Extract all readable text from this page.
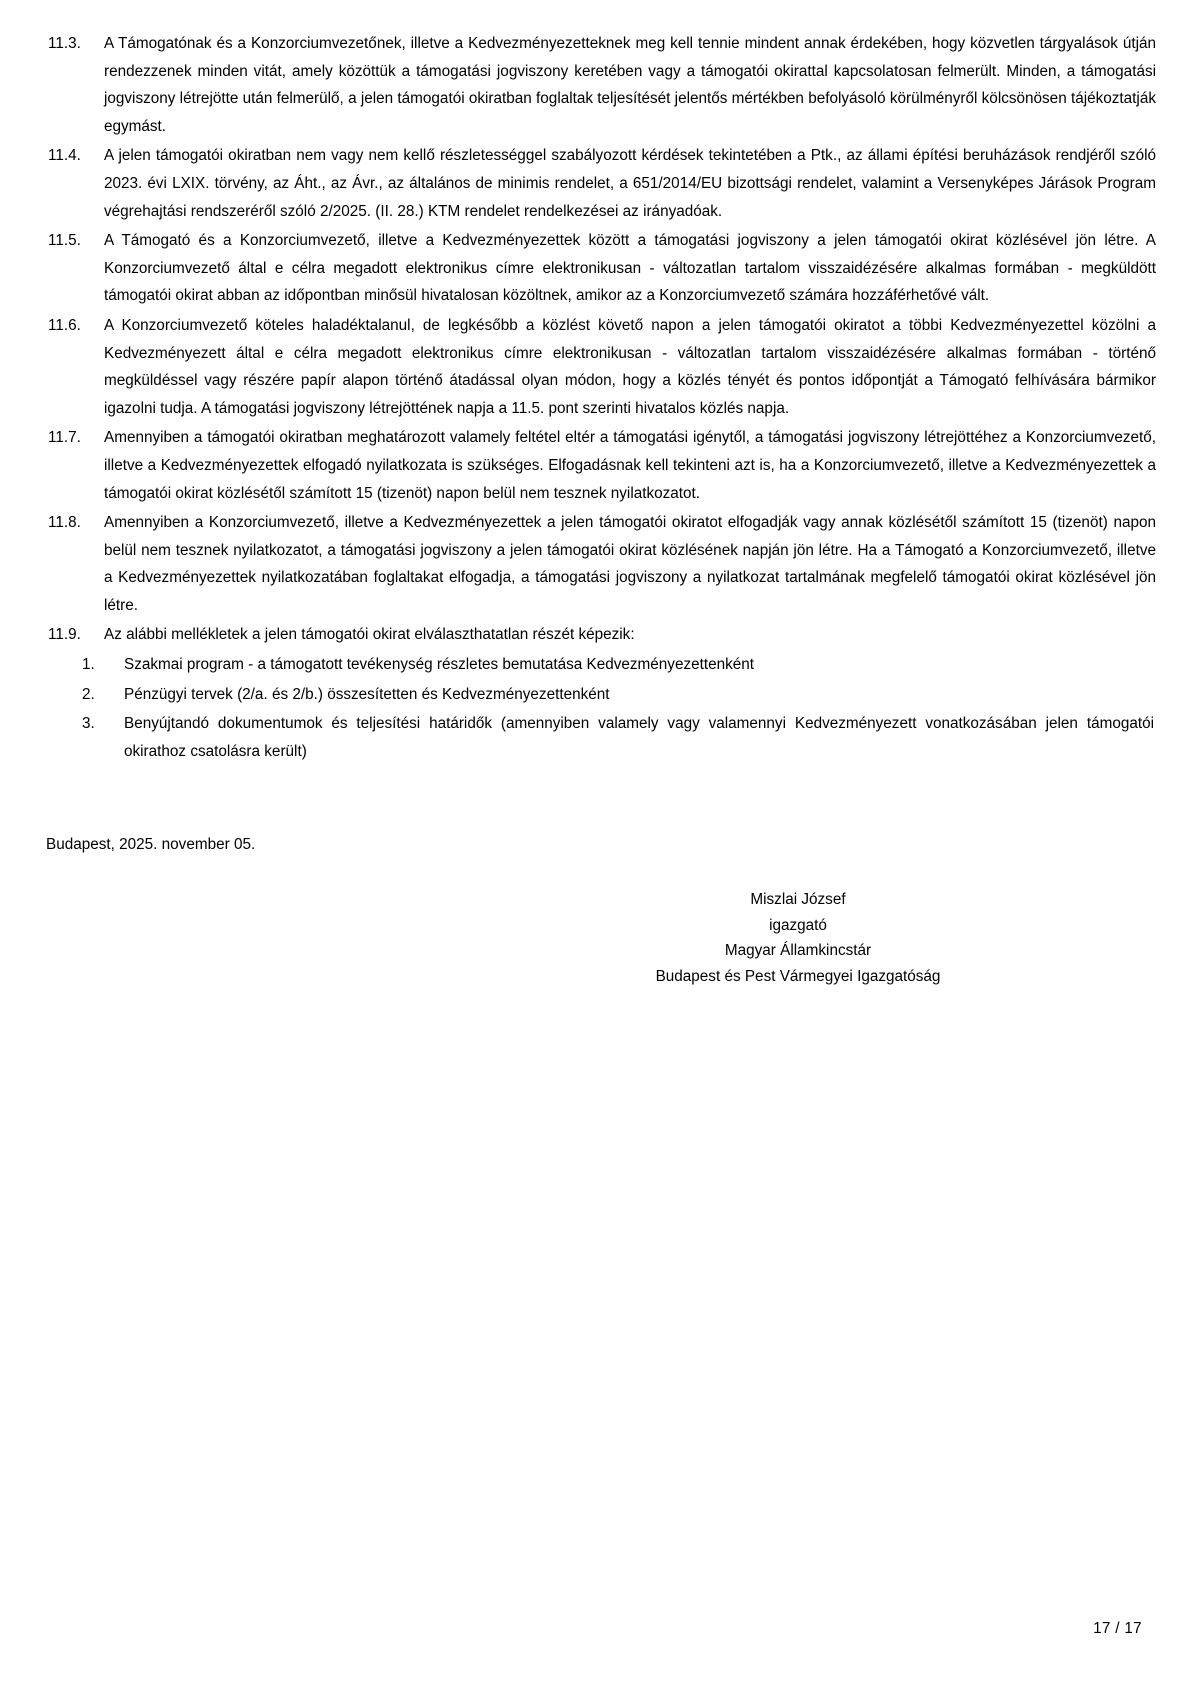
11.3.	A Támogatónak és a Konzorciumvezetőnek, illetve a Kedvezményezetteknek meg kell tennie mindent annak érdekében, hogy közvetlen tárgyalások útján rendezzenek minden vitát, amely közöttük a támogatási jogviszony keretében vagy a támogatói okirattal kapcsolatosan felmerült. Minden, a támogatási jogviszony létrejötte után felmerülő, a jelen támogatói okiratban foglaltak teljesítését jelentős mértékben befolyásoló körülményről kölcsönösen tájékoztatják egymást.
11.4.	A jelen támogatói okiratban nem vagy nem kellő részletességgel szabályozott kérdések tekintetében a Ptk., az állami építési beruházások rendjéről szóló 2023. évi LXIX. törvény, az Áht., az Ávr., az általános de minimis rendelet, a 651/2014/EU bizottsági rendelet, valamint a Versenyképes Járások Program végrehajtási rendszeréről szóló 2/2025. (II. 28.) KTM rendelet rendelkezései az irányadóak.
11.5.	A Támogató és a Konzorciumvezető, illetve a Kedvezményezettek között a támogatási jogviszony a jelen támogatói okirat közlésével jön létre. A Konzorciumvezető által e célra megadott elektronikus címre elektronikusan - változatlan tartalom visszaidézésére alkalmas formában - megküldött támogatói okirat abban az időpontban minősül hivatalosan közöltnek, amikor az a Konzorciumvezető számára hozzáférhetővé vált.
11.6.	A Konzorciumvezető köteles haladéktalanul, de legkésőbb a közlést követő napon a jelen támogatói okiratot a többi Kedvezményezettel közölni a Kedvezményezett által e célra megadott elektronikus címre elektronikusan - változatlan tartalom visszaidézésére alkalmas formában - történő megküldéssel vagy részére papír alapon történő átadással olyan módon, hogy a közlés tényét és pontos időpontját a Támogató felhívására bármikor igazolni tudja. A támogatási jogviszony létrejöttének napja a 11.5. pont szerinti hivatalos közlés napja.
11.7.	Amennyiben a támogatói okiratban meghatározott valamely feltétel eltér a támogatási igénytől, a támogatási jogviszony létrejöttéhez a Konzorciumvezető, illetve a Kedvezményezettek elfogadó nyilatkozata is szükséges. Elfogadásnak kell tekinteni azt is, ha a Konzorciumvezető, illetve a Kedvezményezettek a támogatói okirat közlésétől számított 15 (tizenöt) napon belül nem tesznek nyilatkozatot.
11.8.	Amennyiben a Konzorciumvezető, illetve a Kedvezményezettek a jelen támogatói okiratot elfogadják vagy annak közlésétől számított 15 (tizenöt) napon belül nem tesznek nyilatkozatot, a támogatási jogviszony a jelen támogatói okirat közlésének napján jön létre. Ha a Támogató a Konzorciumvezető, illetve a Kedvezményezettek nyilatkozatában foglaltakat elfogadja, a támogatási jogviszony a nyilatkozat tartalmának megfelelő támogatói okirat közlésével jön létre.
11.9.	Az alábbi mellékletek a jelen támogatói okirat elválaszthatatlan részét képezik:
1.	Szakmai program - a támogatott tevékenység részletes bemutatása Kedvezményezettenként
2.	Pénzügyi tervek (2/a. és 2/b.) összesítetten és Kedvezményezettenként
3.	Benyújtandó dokumentumok és teljesítési határidők (amennyiben valamely vagy valamennyi Kedvezményezett vonatkozásában jelen támogatói okirathoz csatolásra került)
Budapest, 2025. november 05.
Miszlai József
igazgató
Magyar Államkincstár
Budapest és Pest Vármegyei Igazgatóság
17 / 17
